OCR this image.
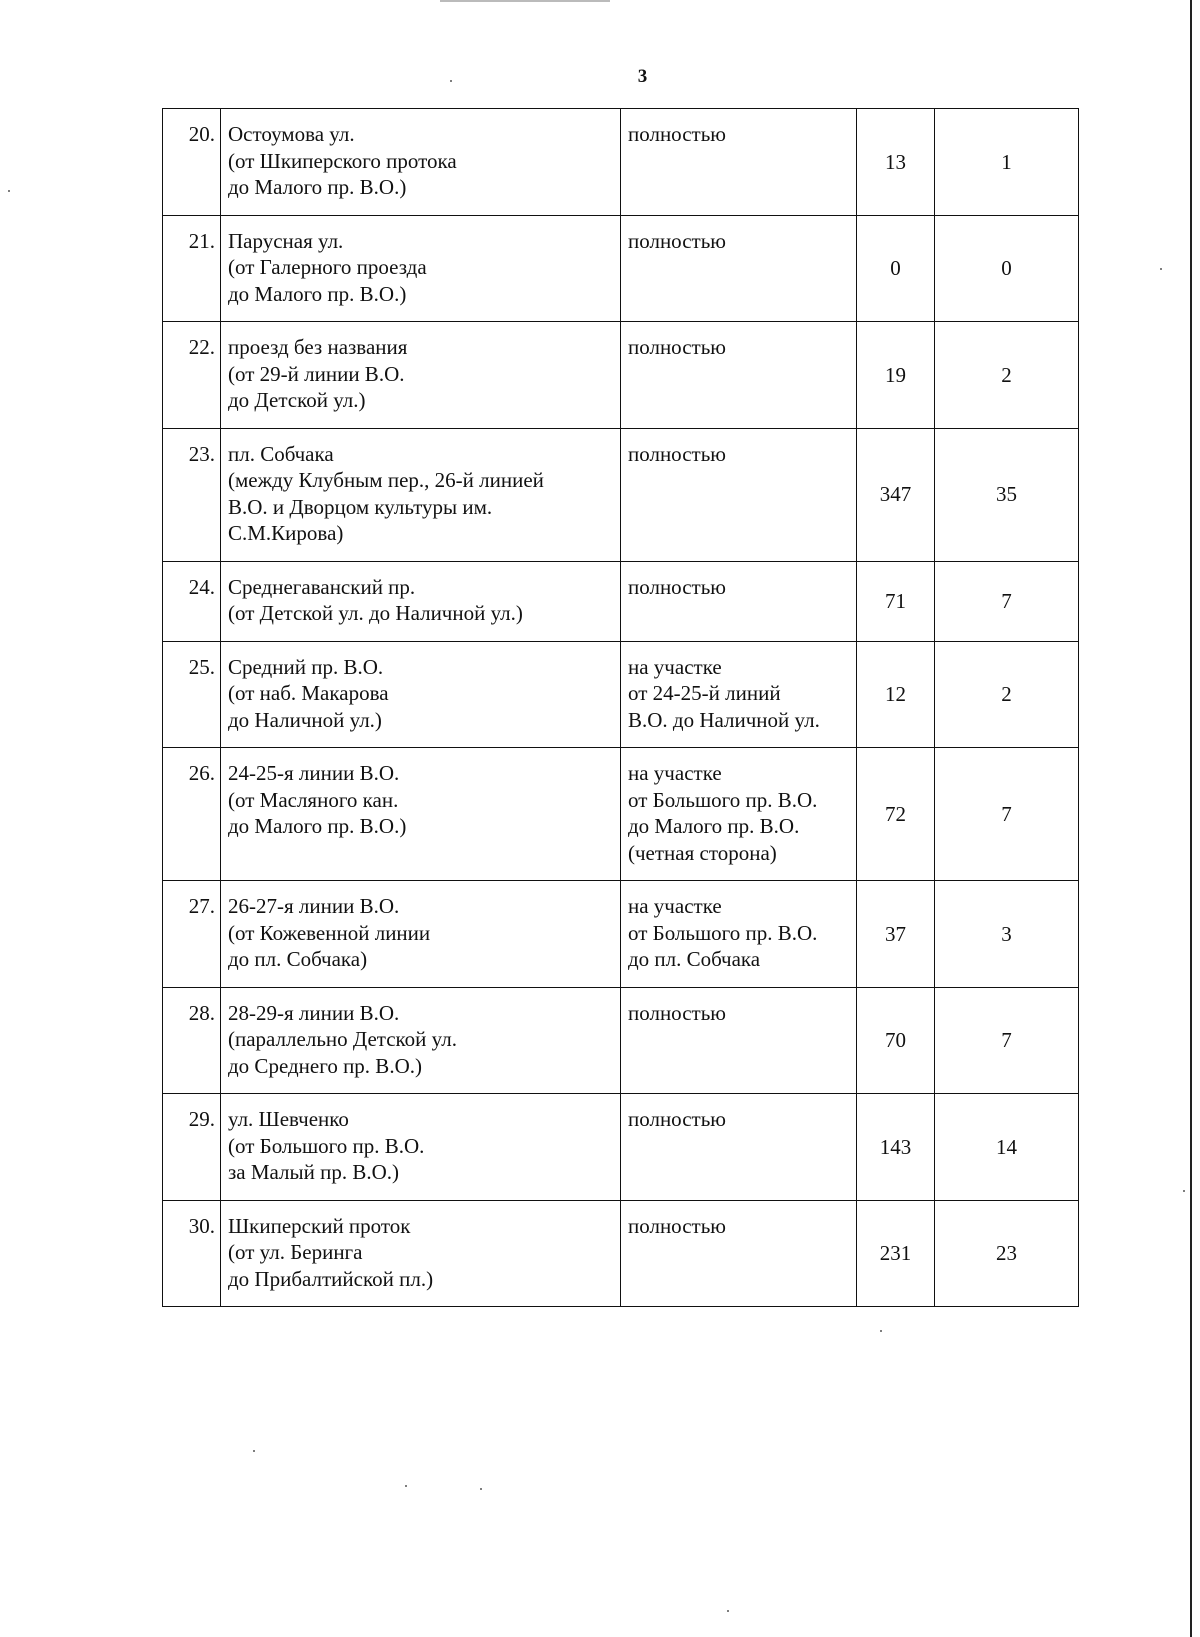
3
20.	Остоумова ул.
(от Шкиперского протока
до Малого пр. В.О.)	полностью	13	1
21.	Парусная ул.
(от Галерного проезда
до Малого пр. В.О.)	полностью	0	0
22.	проезд без названия
(от 29-й линии В.О.
до Детской ул.)	полностью	19	2
23.	пл. Собчака
(между Клубным пер., 26-й линией
В.О. и Дворцом культуры им.
С.М.Кирова)	полностью	347	35
24.	Среднегаванский пр.
(от Детской ул. до Наличной ул.)	полностью	71	7
25.	Средний пр. В.О.
(от наб. Макарова
до Наличной ул.)	на участке
от 24-25-й линий
В.О. до Наличной ул.	12	2
26.	24-25-я линии В.О.
(от Масляного кан.
до Малого пр. В.О.)	на участке
от Большого пр. В.О.
до Малого пр. В.О.
(четная сторона)	72	7
27.	26-27-я линии В.О.
(от Кожевенной линии
до пл. Собчака)	на участке
от Большого пр. В.О.
до пл. Собчака	37	3
28.	28-29-я линии В.О.
(параллельно Детской ул.
до Среднего пр. В.О.)	полностью	70	7
29.	ул. Шевченко
(от Большого пр. В.О.
за Малый пр. В.О.)	полностью	143	14
30.	Шкиперский проток
(от ул. Беринга
до Прибалтийской пл.)	полностью	231	23
